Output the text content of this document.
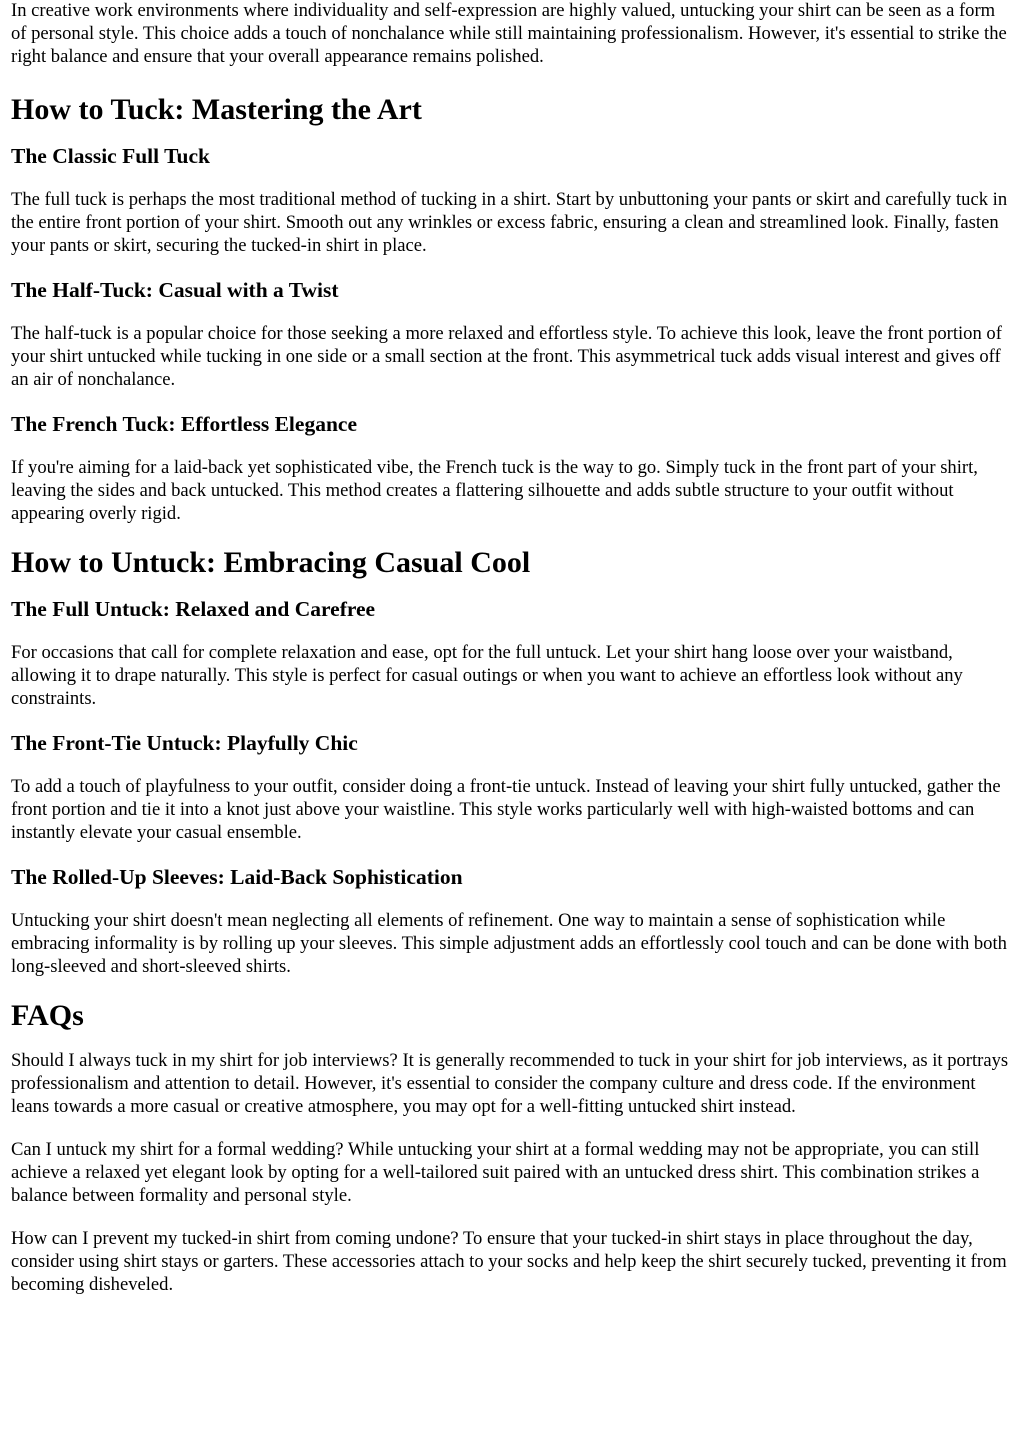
In creative work environments where individuality and self-expression are highly valued, untucking your shirt can be seen as a form of personal style. This choice adds a touch of nonchalance while still maintaining professionalism. However, it's essential to strike the right balance and ensure that your overall appearance remains polished.

How to Tuck: Mastering the Art
The Classic Full Tuck

The full tuck is perhaps the most traditional method of tucking in a shirt. Start by unbuttoning your pants or skirt and carefully tuck in the entire front portion of your shirt. Smooth out any wrinkles or excess fabric, ensuring a clean and streamlined look. Finally, fasten your pants or skirt, securing the tucked-in shirt in place.

The Half-Tuck: Casual with a Twist

The half-tuck is a popular choice for those seeking a more relaxed and effortless style. To achieve this look, leave the front portion of your shirt untucked while tucking in one side or a small section at the front. This asymmetrical tuck adds visual interest and gives off an air of nonchalance.

The French Tuck: Effortless Elegance

If you're aiming for a laid-back yet sophisticated vibe, the French tuck is the way to go. Simply tuck in the front part of your shirt, leaving the sides and back untucked. This method creates a flattering silhouette and adds subtle structure to your outfit without appearing overly rigid.

How to Untuck: Embracing Casual Cool
The Full Untuck: Relaxed and Carefree

For occasions that call for complete relaxation and ease, opt for the full untuck. Let your shirt hang loose over your waistband, allowing it to drape naturally. This style is perfect for casual outings or when you want to achieve an effortless look without any constraints.

The Front-Tie Untuck: Playfully Chic

To add a touch of playfulness to your outfit, consider doing a front-tie untuck. Instead of leaving your shirt fully untucked, gather the front portion and tie it into a knot just above your waistline. This style works particularly well with high-waisted bottoms and can instantly elevate your casual ensemble.

The Rolled-Up Sleeves: Laid-Back Sophistication

Untucking your shirt doesn't mean neglecting all elements of refinement. One way to maintain a sense of sophistication while embracing informality is by rolling up your sleeves. This simple adjustment adds an effortlessly cool touch and can be done with both long-sleeved and short-sleeved shirts.

FAQs

Should I always tuck in my shirt for job interviews? It is generally recommended to tuck in your shirt for job interviews, as it portrays professionalism and attention to detail. However, it's essential to consider the company culture and dress code. If the environment leans towards a more casual or creative atmosphere, you may opt for a well-fitting untucked shirt instead.

Can I untuck my shirt for a formal wedding? While untucking your shirt at a formal wedding may not be appropriate, you can still achieve a relaxed yet elegant look by opting for a well-tailored suit paired with an untucked dress shirt. This combination strikes a balance between formality and personal style.

How can I prevent my tucked-in shirt from coming undone? To ensure that your tucked-in shirt stays in place throughout the day, consider using shirt stays or garters. These accessories attach to your socks and help keep the shirt securely tucked, preventing it from becoming disheveled.
